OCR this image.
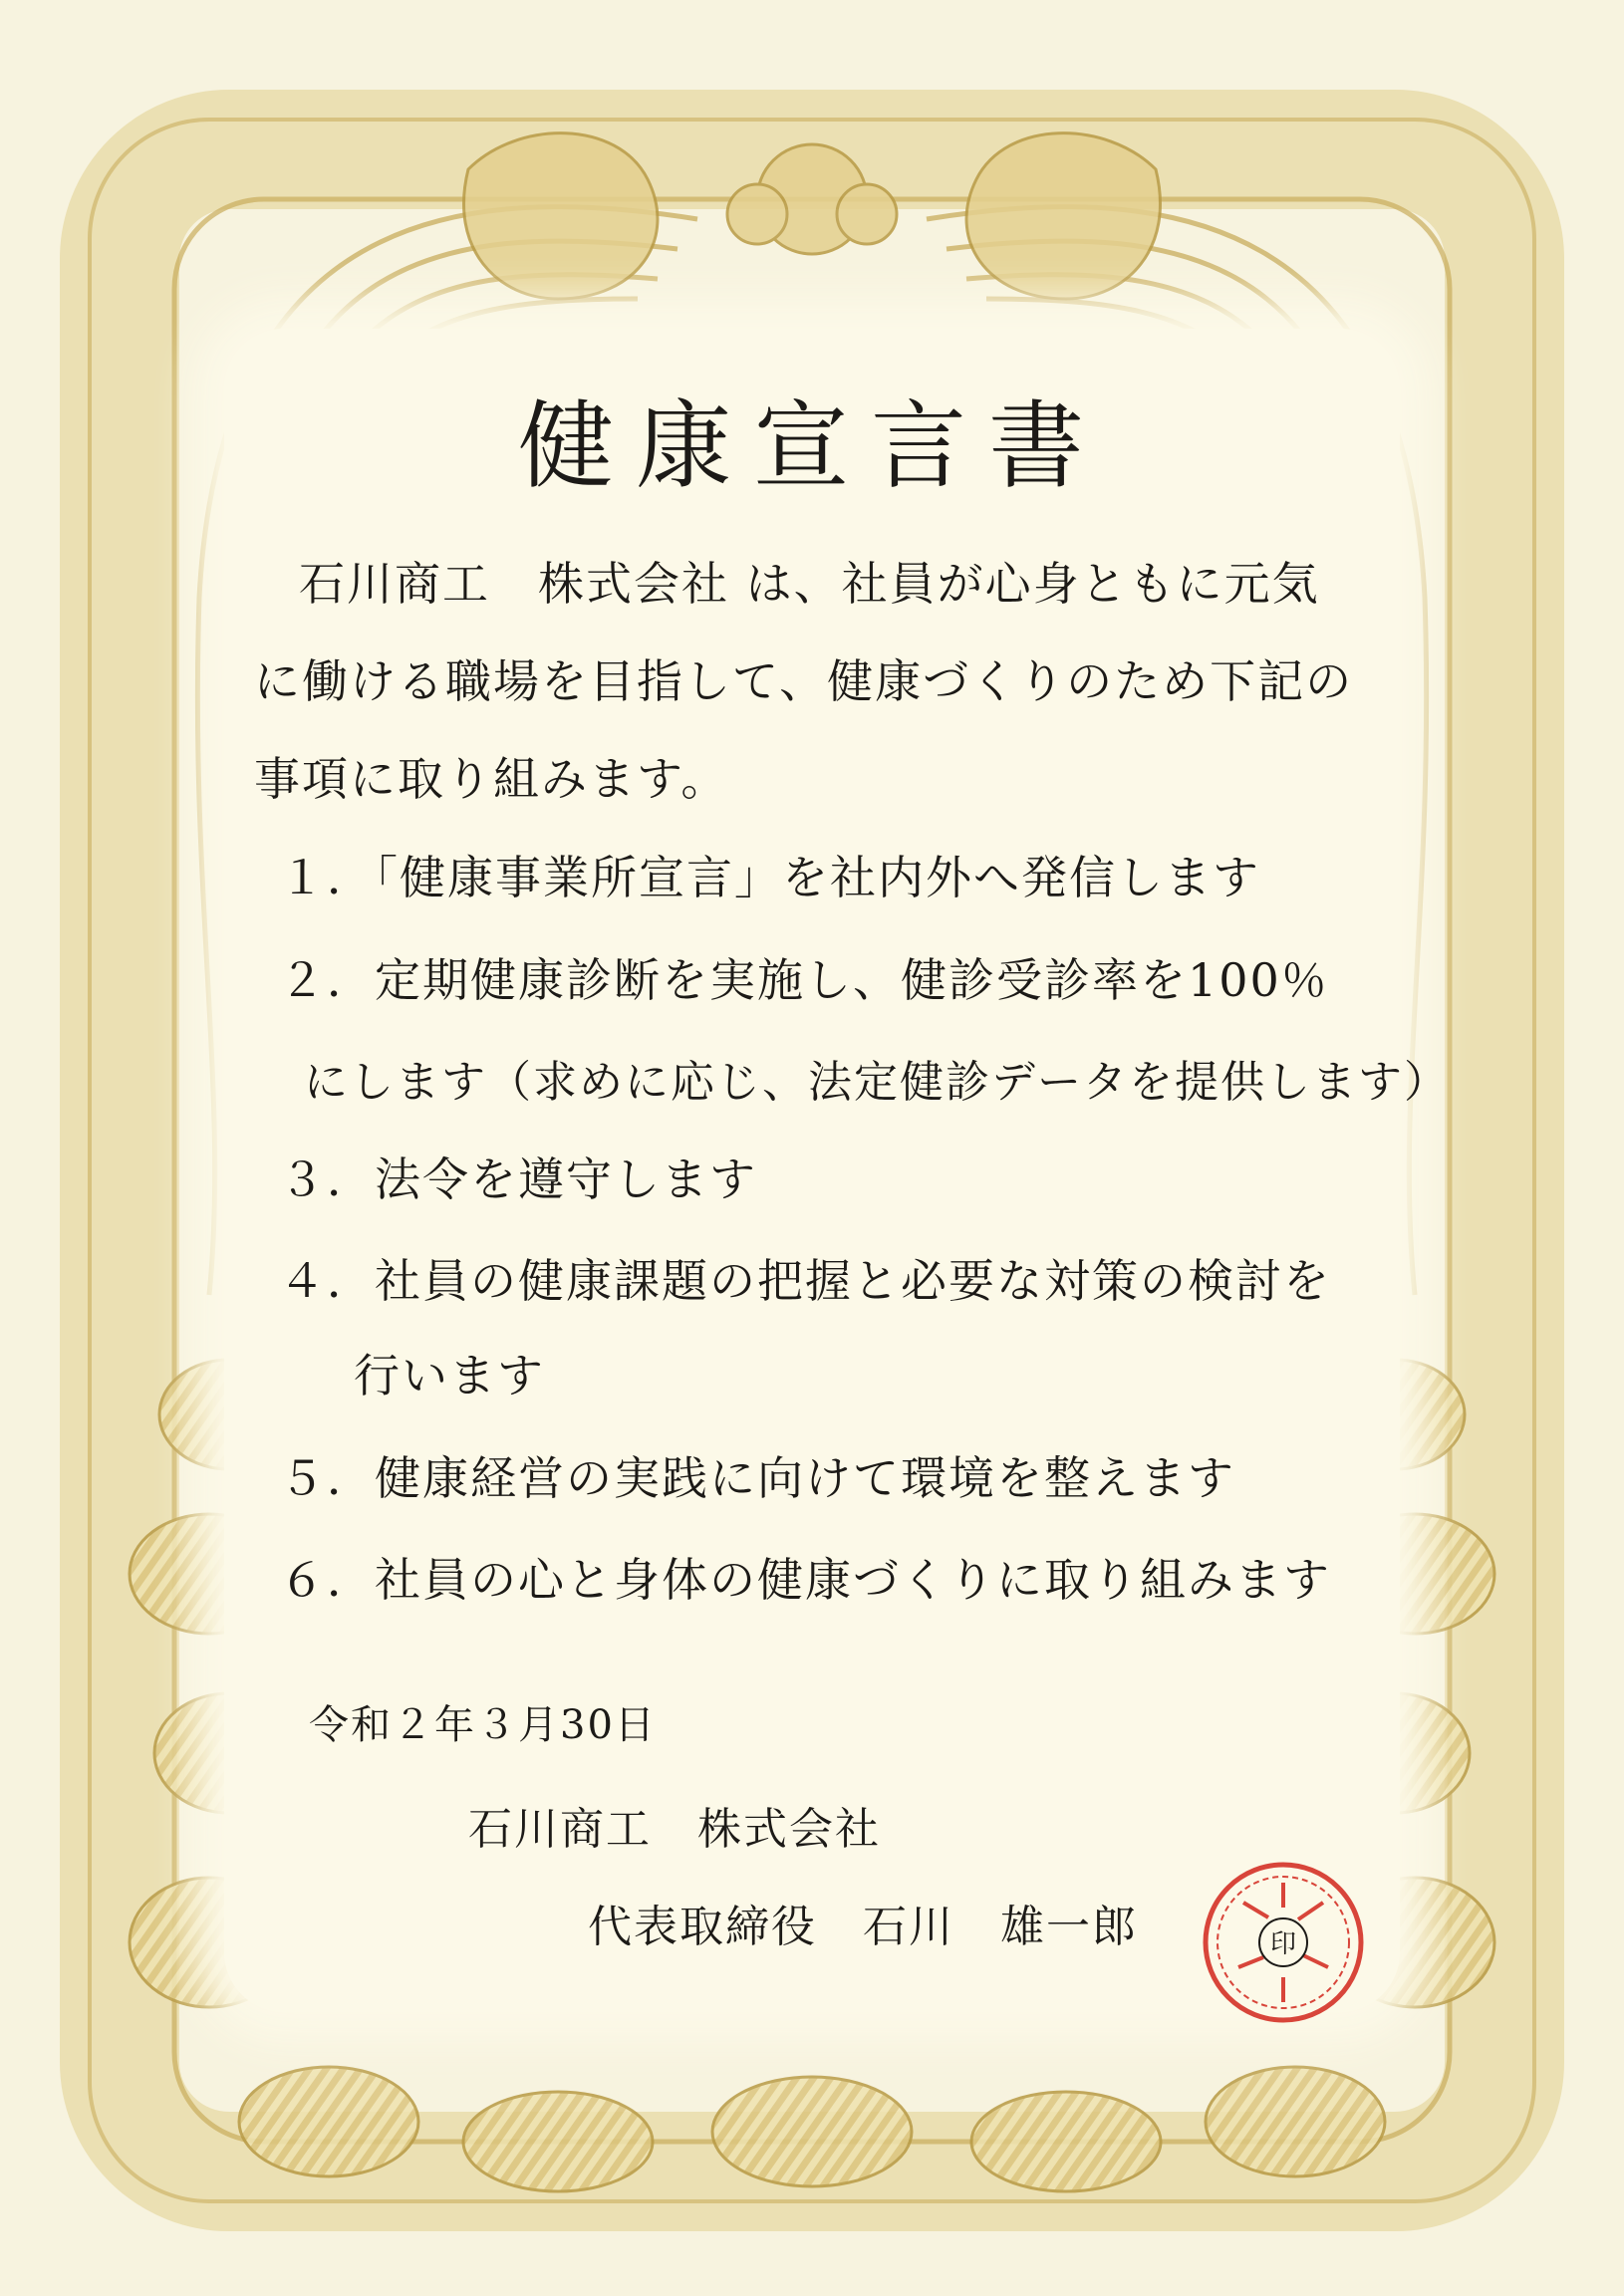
健康宣言書
石川商工　株式会社 は、社員が心身ともに元気
に働ける職場を目指して、健康づくりのため下記の
事項に取り組みます。
１．「健康事業所宣言」を社内外へ発信します
２．定期健康診断を実施し、健診受診率を100％
にします（求めに応じ、法定健診データを提供します）
３．法令を遵守します
４．社員の健康課題の把握と必要な対策の検討を
行います
５．健康経営の実践に向けて環境を整えます
６．社員の心と身体の健康づくりに取り組みます
令和２年３月30日
石川商工　株式会社
代表取締役　 石川　雄一郎	印
